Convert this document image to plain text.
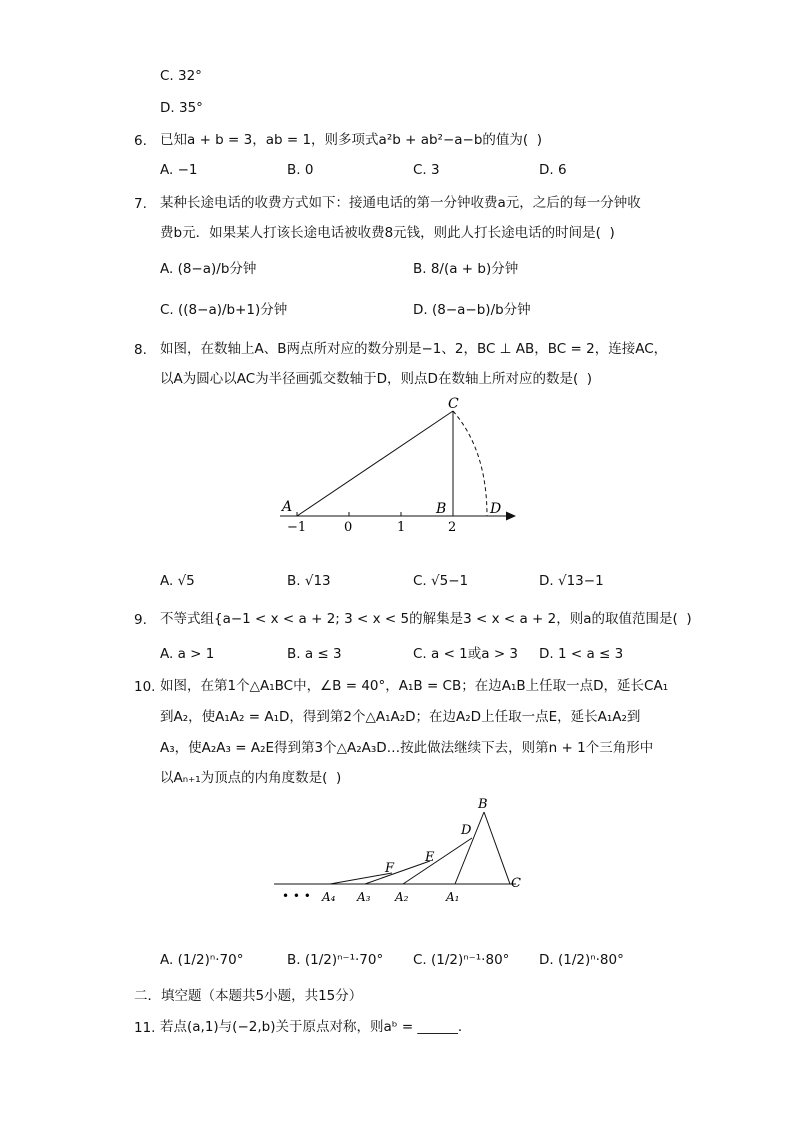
C. 32°
D. 35°
6. 已知a + b = 3，ab = 1，则多项式a²b + ab²−a−b的值为(  )
A. −1	B. 0	C. 3	D. 6
7. 某种长途电话的收费方式如下：接通电话的第一分钟收费a元，之后的每一分钟收
费b元．如果某人打该长途电话被收费8元钱，则此人打长途电话的时间是(  )
A. (8−a)/b分钟	B. 8/(a + b)分钟
C. ((8−a)/b+1)分钟	D. (8−a−b)/b分钟
8. 如图，在数轴上A、B两点所对应的数分别是−1、2，BC ⊥ AB，BC = 2，连接AC，
以A为圆心以AC为半径画弧交数轴于D，则点D在数轴上所对应的数是(  )
C
A	B	D
−1	0	1	2
A. √5	B. √13	C. √5−1	D. √13−1
9. 不等式组{a−1 < x < a + 2; 3 < x < 5的解集是3 < x < a + 2，则a的取值范围是(  )
A. a > 1	B. a ≤ 3	C. a < 1或a > 3 D. 1 < a ≤ 3
10. 如图，在第1个△A₁BC中，∠B = 40°，A₁B = CB；在边A₁B上任取一点D，延长CA₁
到A₂，使A₁A₂ = A₁D，得到第2个△A₁A₂D；在边A₂D上任取一点E，延长A₁A₂到
A₃，使A₂A₃ = A₂E得到第3个△A₂A₃D…按此做法继续下去，则第n + 1个三角形中
以Aₙ₊₁为顶点的内角度数是(  )
B
C
D
E
F
A₁
A₂
A₃
A₄
• • •
A. (1/2)ⁿ·70°	B. (1/2)ⁿ⁻¹·70° C. (1/2)ⁿ⁻¹·80° D. (1/2)ⁿ·80°
二．填空题（本题共5小题，共15分）
11. 若点(a,1)与(−2,b)关于原点对称，则aᵇ = ______．
